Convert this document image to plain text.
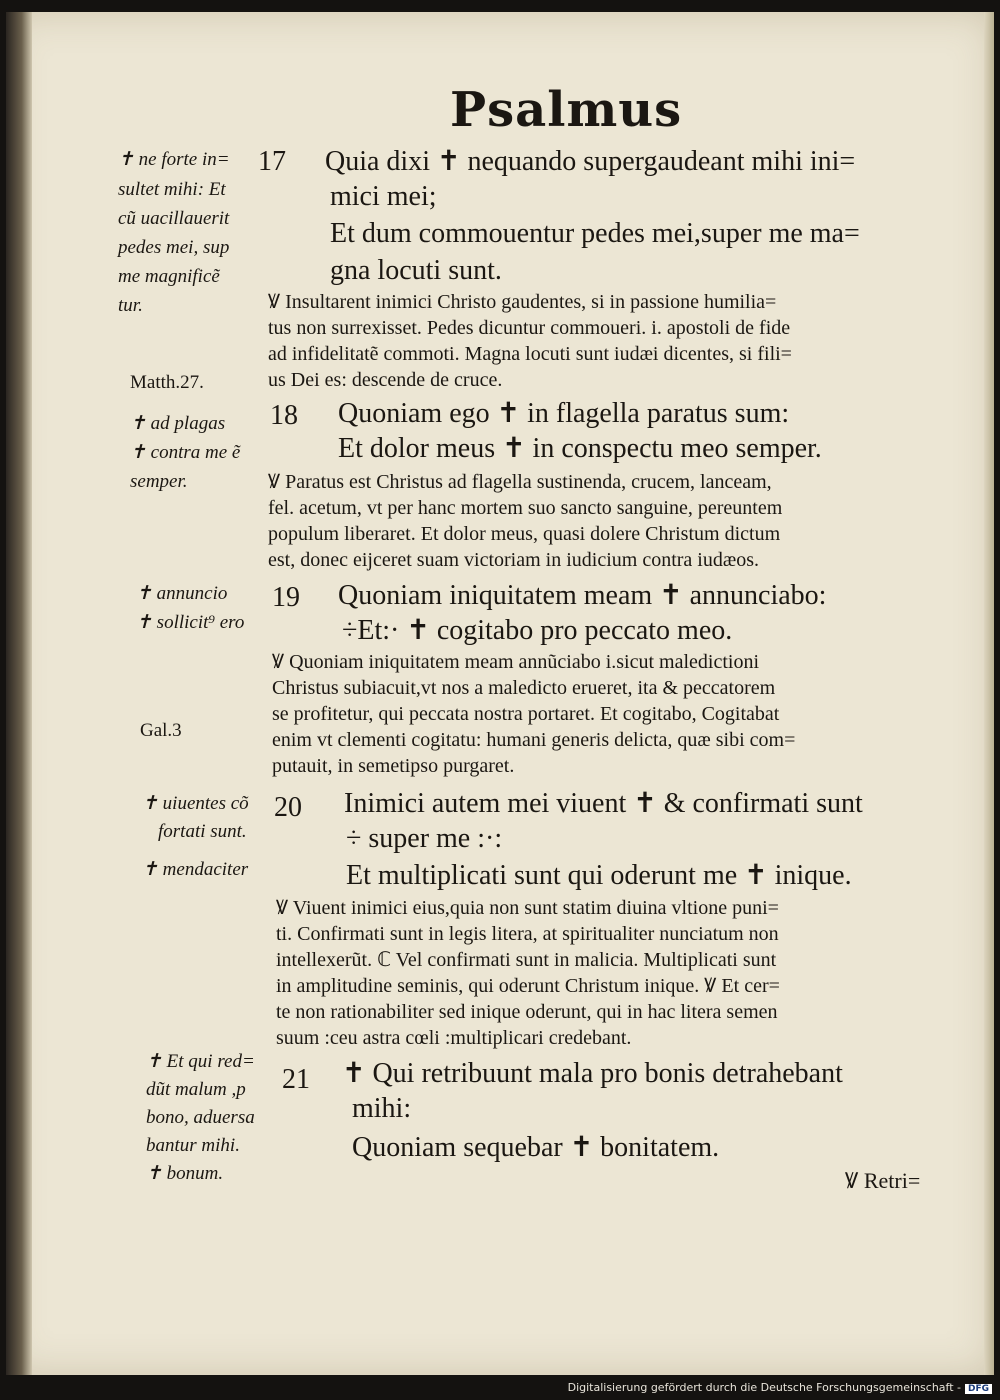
Psalmus
✝ ne forte in=
sultet mihi: Et
cũ uacillauerit
pedes mei, sup
me magnificẽ
tur.
Matth.27.
✝ ad plagas
✝ contra me ẽ
semper.
✝ annuncio
✝ sollicit⁹ ero
Gal.3
✝ uiuentes cõ
fortati sunt.
✝ mendaciter
✝ Et qui red=
dũt malum ,p
bono, aduersa
bantur mihi.
✝ bonum.
17 Quia dixi ✝ nequando supergaudeant mihi ini=
mici mei;
Et dum commouentur pedes mei,super me ma=
gna locuti sunt.
Ꝟ Insultarent inimici Christo gaudentes, si in passione humilia=
tus non surrexisset. Pedes dicuntur commoueri. i. apostoli de fide
ad infidelitatẽ commoti. Magna locuti sunt iudæi dicentes, si fili=
us Dei es: descende de cruce.
18 Quoniam ego ✝ in flagella paratus sum:
Et dolor meus ✝ in conspectu meo semper.
Ꝟ Paratus est Christus ad flagella sustinenda, crucem, lanceam,
fel. acetum, vt per hanc mortem suo sancto sanguine, pereuntem
populum liberaret. Et dolor meus, quasi dolere Christum dictum
est, donec eijceret suam victoriam in iudicium contra iudæos.
19 Quoniam iniquitatem meam ✝ annunciabo:
÷Et:· ✝ cogitabo pro peccato meo.
Ꝟ Quoniam iniquitatem meam annũciabo i.sicut maledictioni
Christus subiacuit,vt nos a maledicto erueret, ita & peccatorem
se profitetur, qui peccata nostra portaret. Et cogitabo, Cogitabat
enim vt clementi cogitatu: humani generis delicta, quæ sibi com=
putauit, in semetipso purgaret.
20 Inimici autem mei viuent ✝ & confirmati sunt
÷ super me :·:
Et multiplicati sunt qui oderunt me ✝ inique.
Ꝟ Viuent inimici eius,quia non sunt statim diuina vltione puni=
ti. Confirmati sunt in legis litera, at spiritualiter nunciatum non
intellexerũt. ℂ Vel confirmati sunt in malicia. Multiplicati sunt
in amplitudine seminis, qui oderunt Christum inique. Ꝟ Et cer=
te non rationabiliter sed inique oderunt, qui in hac litera semen
suum :ceu astra cœli :multiplicari credebant.
21 ✝ Qui retribuunt mala pro bonis detrahebant
mihi:
Quoniam sequebar ✝ bonitatem.
Ꝟ Retri=
Digitalisierung gefördert durch die Deutsche Forschungsgemeinschaft - DFG
